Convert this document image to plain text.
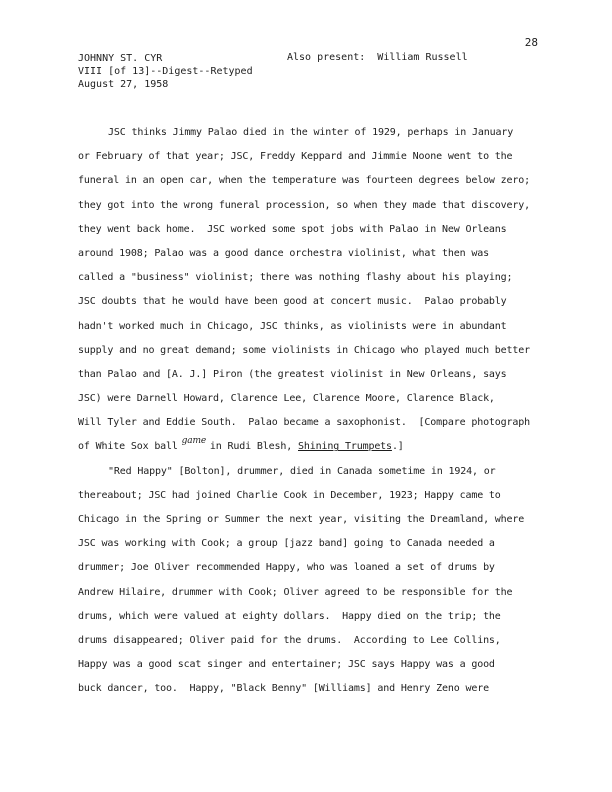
28
JOHNNY ST. CYR
VIII [of 13]--Digest--Retyped
August 27, 1958
Also present:  William Russell
JSC thinks Jimmy Palao died in the winter of 1929, perhaps in January
or February of that year; JSC, Freddy Keppard and Jimmie Noone went to the
funeral in an open car, when the temperature was fourteen degrees below zero;
they got into the wrong funeral procession, so when they made that discovery,
they went back home.  JSC worked some spot jobs with Palao in New Orleans
around 1908; Palao was a good dance orchestra violinist, what then was
called a "business" violinist; there was nothing flashy about his playing;
JSC doubts that he would have been good at concert music.  Palao probably
hadn't worked much in Chicago, JSC thinks, as violinists were in abundant
supply and no great demand; some violinists in Chicago who played much better
than Palao and [A. J.] Piron (the greatest violinist in New Orleans, says
JSC) were Darnell Howard, Clarence Lee, Clarence Moore, Clarence Black,
Will Tyler and Eddie South.  Palao became a saxophonist.  [Compare photograph
of White Sox ball game in Rudi Blesh, Shining Trumpets.]
"Red Happy" [Bolton], drummer, died in Canada sometime in 1924, or
thereabout; JSC had joined Charlie Cook in December, 1923; Happy came to
Chicago in the Spring or Summer the next year, visiting the Dreamland, where
JSC was working with Cook; a group [jazz band] going to Canada needed a
drummer; Joe Oliver recommended Happy, who was loaned a set of drums by
Andrew Hilaire, drummer with Cook; Oliver agreed to be responsible for the
drums, which were valued at eighty dollars.  Happy died on the trip; the
drums disappeared; Oliver paid for the drums.  According to Lee Collins,
Happy was a good scat singer and entertainer; JSC says Happy was a good
buck dancer, too.  Happy, "Black Benny" [Williams] and Henry Zeno were
